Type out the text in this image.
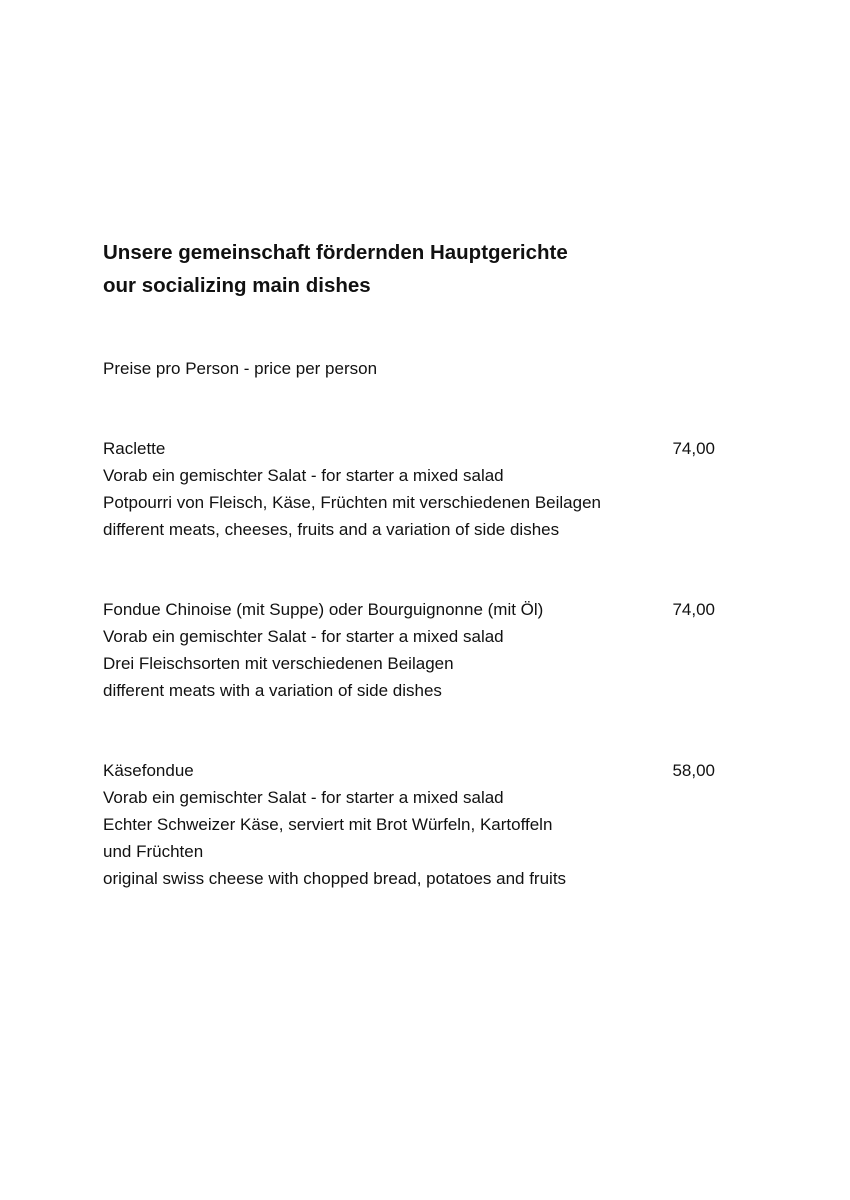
Unsere gemeinschaft fördernden Hauptgerichte
our socializing main dishes
Preise pro Person - price per person
Raclette	74,00
Vorab ein gemischter Salat - for starter a mixed salad
Potpourri von Fleisch, Käse, Früchten mit verschiedenen Beilagen
different meats, cheeses, fruits and a variation of side dishes
Fondue Chinoise (mit Suppe) oder Bourguignonne (mit Öl)	74,00
Vorab ein gemischter Salat - for starter a mixed salad
Drei Fleischsorten mit verschiedenen Beilagen
different meats with a variation of side dishes
Käsefondue	58,00
Vorab ein gemischter Salat - for starter a mixed salad
Echter Schweizer Käse, serviert mit Brot Würfeln, Kartoffeln
und Früchten
original swiss cheese with chopped bread, potatoes and fruits
